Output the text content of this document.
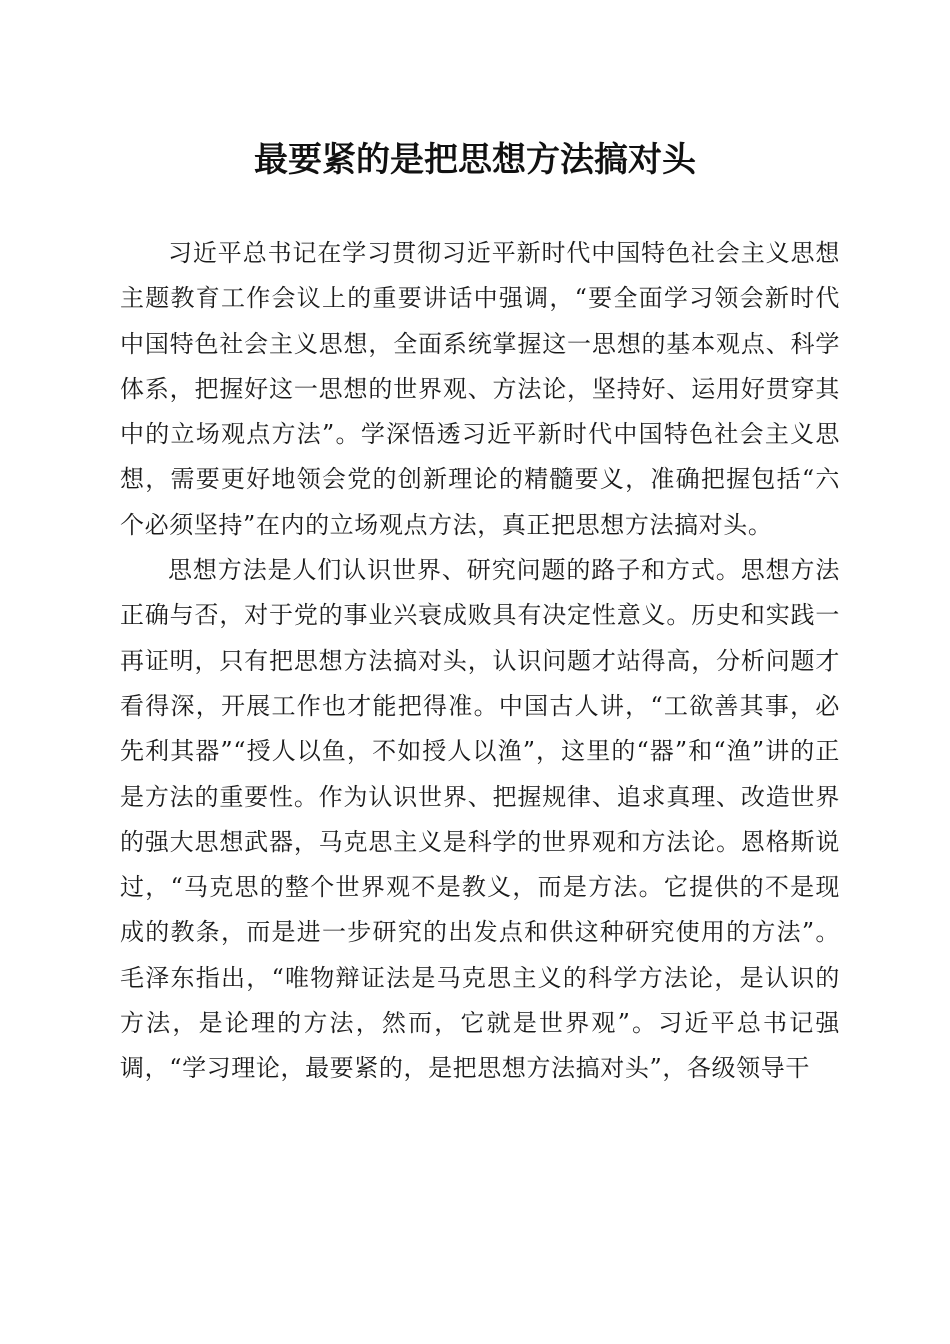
最要紧的是把思想方法搞对头

习近平总书记在学习贯彻习近平新时代中国特色社会主义思想主题教育工作会议上的重要讲话中强调，“要全面学习领会新时代中国特色社会主义思想，全面系统掌握这一思想的基本观点、科学体系，把握好这一思想的世界观、方法论，坚持好、运用好贯穿其中的立场观点方法”。学深悟透习近平新时代中国特色社会主义思想，需要更好地领会党的创新理论的精髓要义，准确把握包括“六个必须坚持”在内的立场观点方法，真正把思想方法搞对头。

思想方法是人们认识世界、研究问题的路子和方式。思想方法正确与否，对于党的事业兴衰成败具有决定性意义。历史和实践一再证明，只有把思想方法搞对头，认识问题才站得高，分析问题才看得深，开展工作也才能把得准。中国古人讲，“工欲善其事，必先利其器”“授人以鱼，不如授人以渔”，这里的“器”和“渔”讲的正是方法的重要性。作为认识世界、把握规律、追求真理、改造世界的强大思想武器，马克思主义是科学的世界观和方法论。恩格斯说过，“马克思的整个世界观不是教义，而是方法。它提供的不是现成的教条，而是进一步研究的出发点和供这种研究使用的方法”。毛泽东指出，“唯物辩证法是马克思主义的科学方法论，是认识的方法，是论理的方法，然而，它就是世界观”。习近平总书记强调，“学习理论，最要紧的，是把思想方法搞对头”，各级领导干
